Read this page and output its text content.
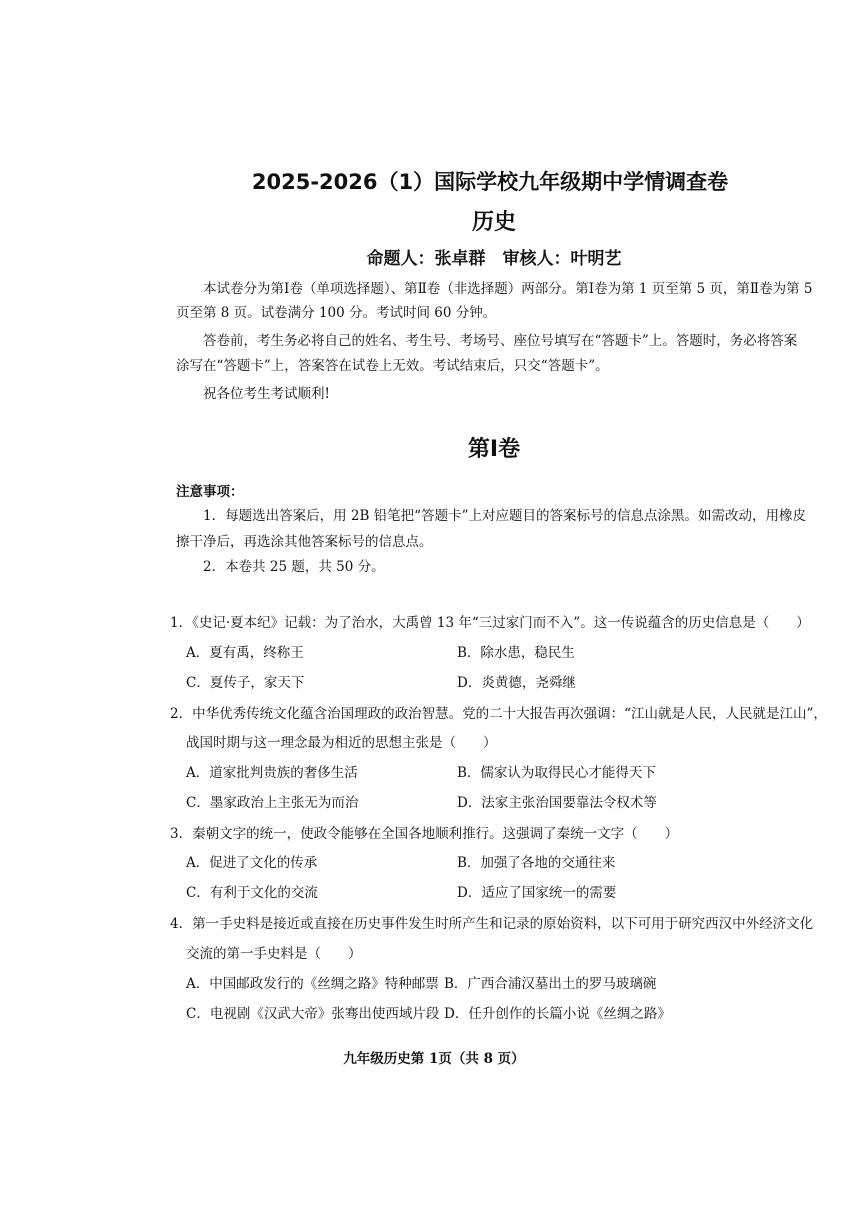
2025-2026（1）国际学校九年级期中学情调查卷
历史
命题人：张卓群　审核人：叶明艺
本试卷分为第Ⅰ卷（单项选择题）、第Ⅱ卷（非选择题）两部分。第Ⅰ卷为第 1 页至第 5 页，第Ⅱ卷为第 5
页至第 8 页。试卷满分 100 分。考试时间 60 分钟。
答卷前，考生务必将自己的姓名、考生号、考场号、座位号填写在“答题卡”上。答题时，务必将答案
涂写在“答题卡”上，答案答在试卷上无效。考试结束后，只交“答题卡”。
祝各位考生考试顺利!
第Ⅰ卷
注意事项：
1．每题选出答案后，用 2B 铅笔把“答题卡”上对应题目的答案标号的信息点涂黑。如需改动，用橡皮
擦干净后，再选涂其他答案标号的信息点。
2．本卷共 25 题，共 50 分。
1．《史记·夏本纪》记载：为了治水，大禹曾 13 年“三过家门而不入”。这一传说蕴含的历史信息是（　　）
A．夏有禹，终称王	B．除水患，稳民生
C．夏传子，家天下	D．炎黄德，尧舜继
2．中华优秀传统文化蕴含治国理政的政治智慧。党的二十大报告再次强调：“江山就是人民，人民就是江山”，
战国时期与这一理念最为相近的思想主张是（　　）
A．道家批判贵族的奢侈生活	B．儒家认为取得民心才能得天下
C．墨家政治上主张无为而治	D．法家主张治国要靠法令权术等
3．秦朝文字的统一，使政令能够在全国各地顺利推行。这强调了秦统一文字（　　）
A．促进了文化的传承	B．加强了各地的交通往来
C．有利于文化的交流	D．适应了国家统一的需要
4．第一手史料是接近或直接在历史事件发生时所产生和记录的原始资料，以下可用于研究西汉中外经济文化
交流的第一手史料是（　　）
A．中国邮政发行的《丝绸之路》特种邮票 B．广西合浦汉墓出土的罗马玻璃碗
C．电视剧《汉武大帝》张骞出使西域片段 D．任升创作的长篇小说《丝绸之路》
九年级历史第 1页（共 8 页）
